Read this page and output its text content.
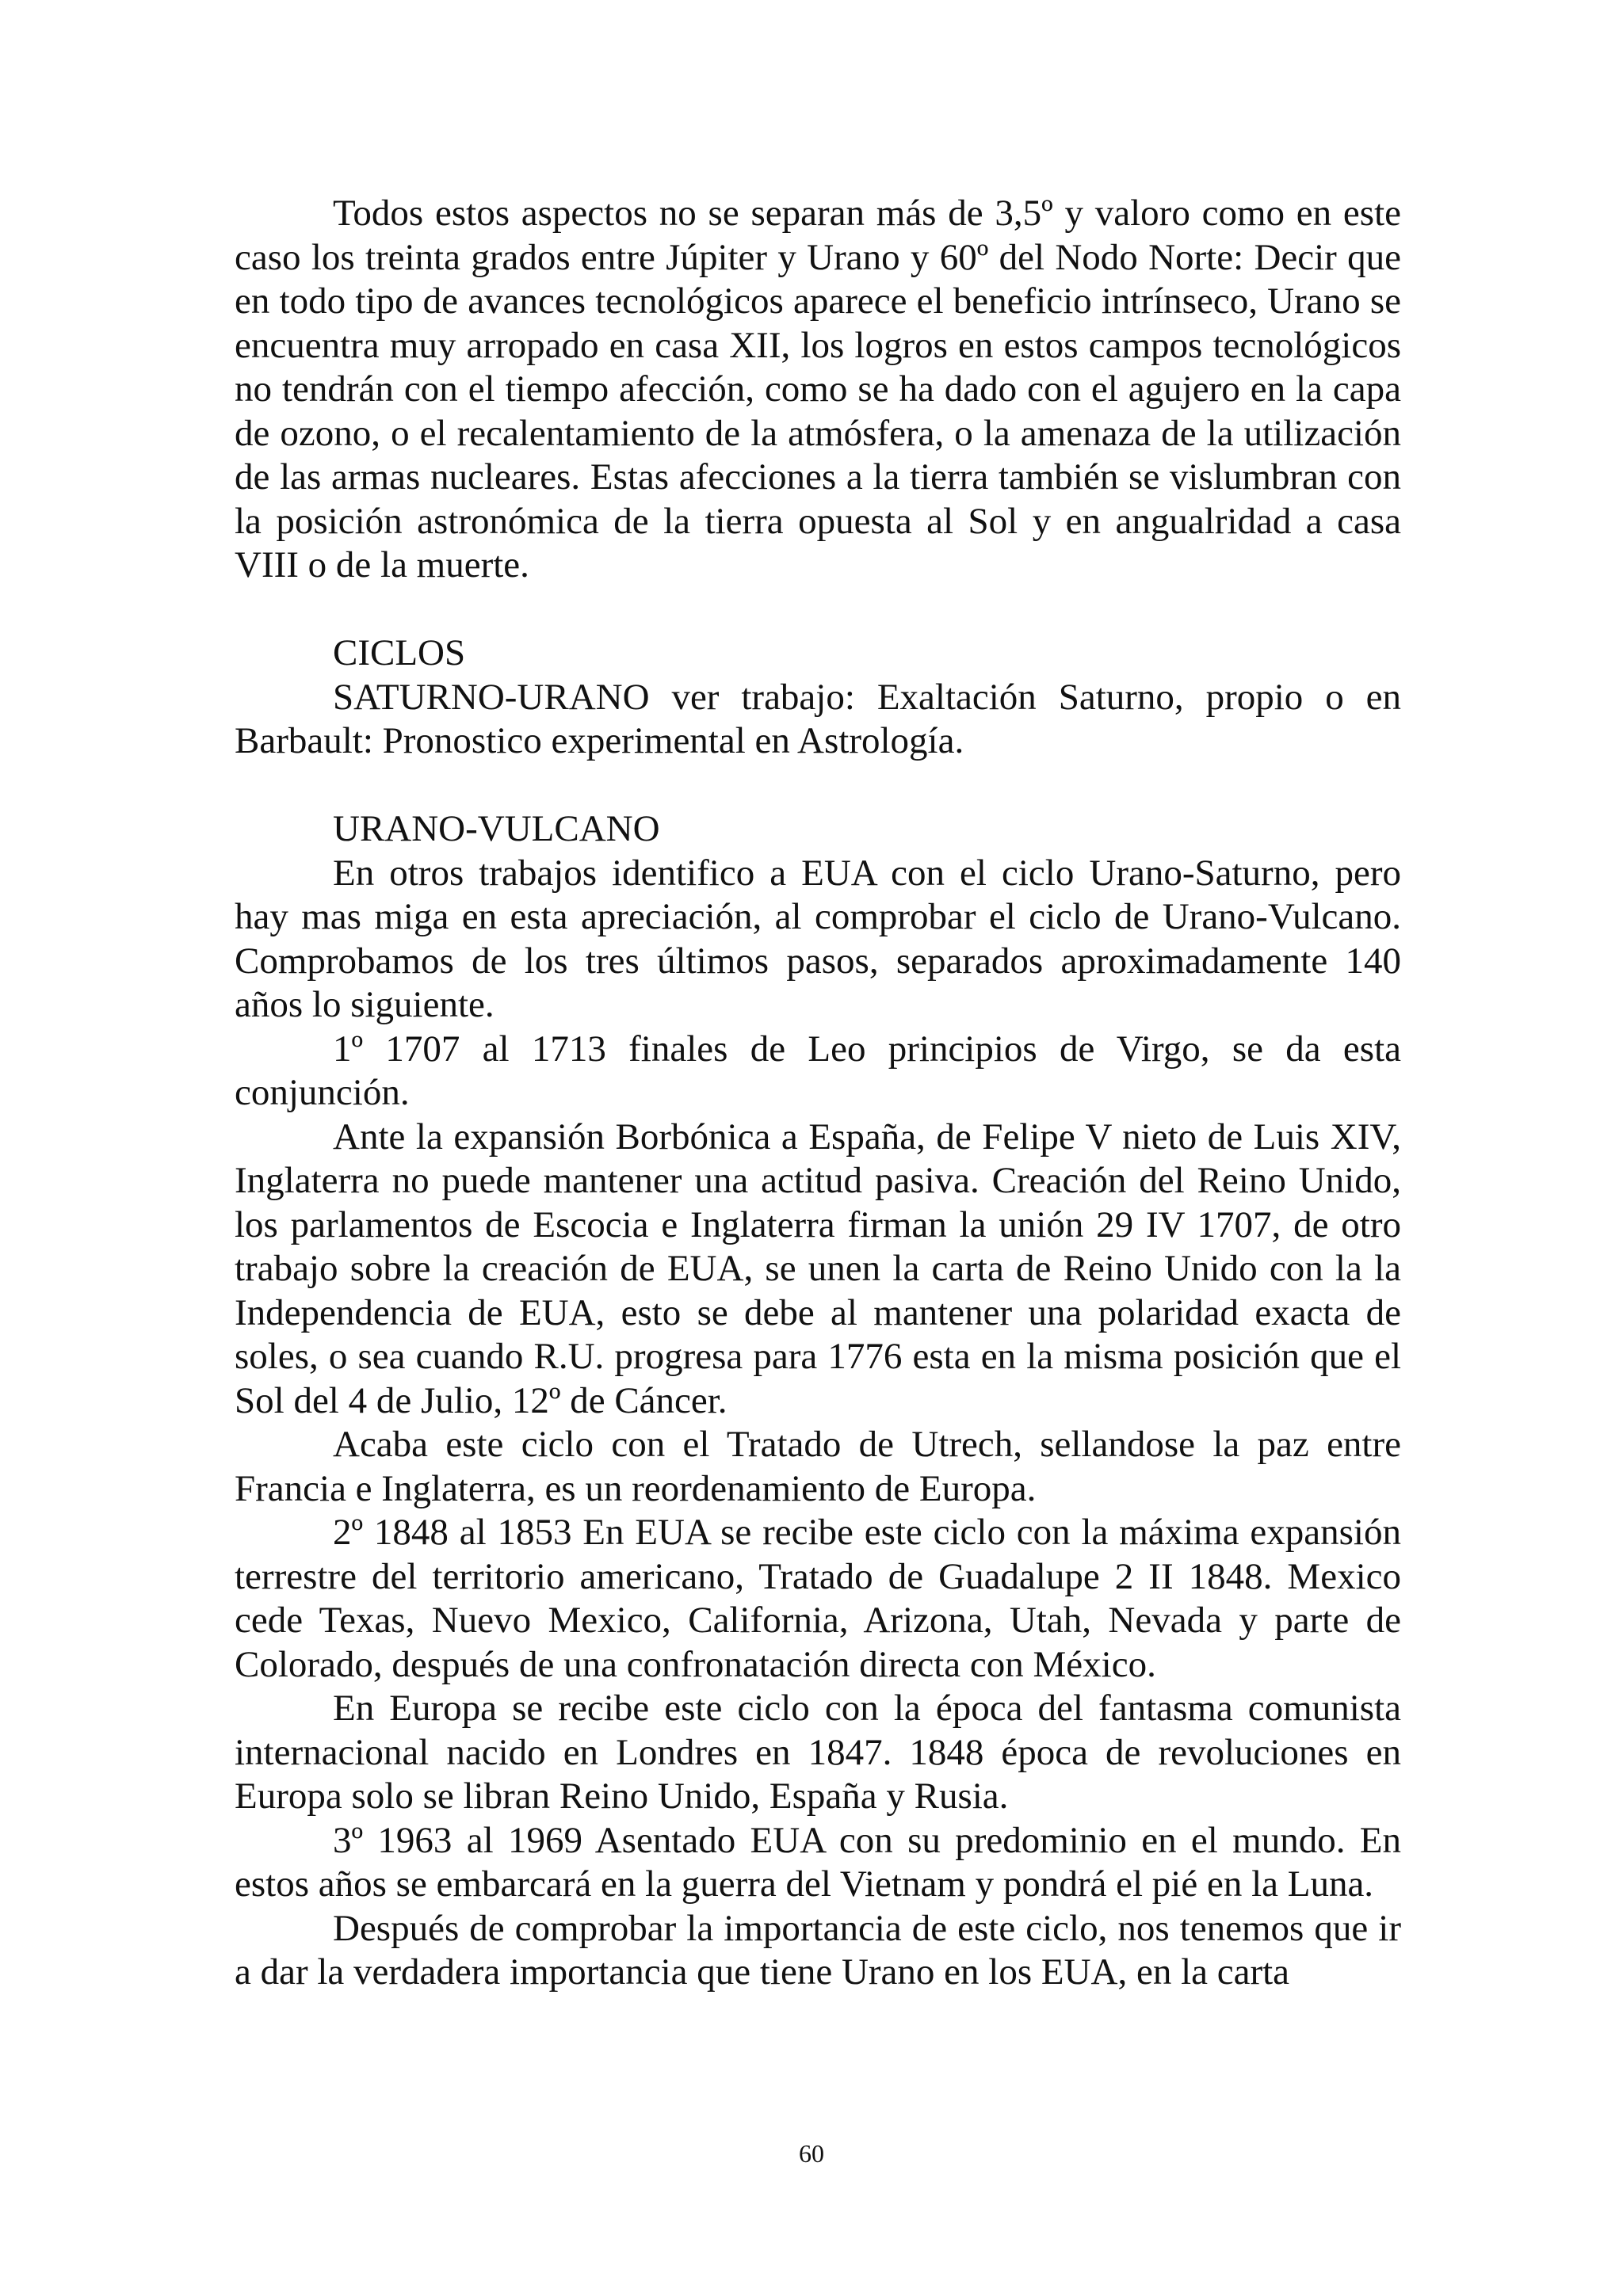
Todos estos aspectos no se separan más de 3,5º y valoro como en este caso los treinta grados entre Júpiter y Urano y 60º del Nodo Norte: Decir que en todo tipo de avances tecnológicos aparece el beneficio intrínseco, Urano se encuentra muy arropado en casa XII, los logros en estos campos tecnológicos no tendrán con el tiempo afección, como se ha dado con el agujero en la capa de ozono, o el recalentamiento de la atmósfera, o la amenaza de la utilización de las armas nucleares. Estas afecciones a la tierra también se vislumbran con la posición astronómica de la tierra opuesta al Sol y en angualridad a casa VIII o de la muerte.

CICLOS

SATURNO-URANO ver trabajo: Exaltación Saturno, propio o en Barbault: Pronostico experimental en Astrología.

URANO-VULCANO

En otros trabajos identifico a EUA con el ciclo Urano-Saturno, pero hay mas miga en esta apreciación, al comprobar el ciclo de Urano-Vulcano. Comprobamos de los tres últimos pasos, separados aproximadamente 140 años lo siguiente.

1º 1707 al 1713 finales de Leo principios de Virgo, se da esta conjunción.

Ante la expansión Borbónica a España, de Felipe V nieto de Luis XIV, Inglaterra no puede mantener una actitud pasiva. Creación del Reino Unido, los parlamentos de Escocia e Inglaterra firman la unión 29 IV 1707, de otro trabajo sobre la creación de EUA, se unen la carta de Reino Unido con la la Independencia de EUA, esto se debe al mantener una polaridad exacta de soles, o sea cuando R.U. progresa para 1776 esta en la misma posición que el Sol del 4 de Julio, 12º de Cáncer.

Acaba este ciclo con el Tratado de Utrech, sellandose la paz entre Francia e Inglaterra, es un reordenamiento de Europa.

2º 1848 al 1853 En EUA se recibe este ciclo con la máxima expansión terrestre del territorio americano, Tratado de Guadalupe 2 II 1848. Mexico cede Texas, Nuevo Mexico, California, Arizona, Utah, Nevada y parte de Colorado, después de una confronatación directa con México.

En Europa se recibe este ciclo con la época del fantasma comunista internacional nacido en Londres en 1847. 1848 época de revoluciones en Europa solo se libran Reino Unido, España y Rusia.

3º 1963 al 1969 Asentado EUA con su predominio en el mundo. En estos años se embarcará en la guerra del Vietnam y pondrá el pié en la Luna.

Después de comprobar la importancia de este ciclo, nos tenemos que ir a dar la verdadera importancia que tiene Urano en los EUA, en la carta

60
